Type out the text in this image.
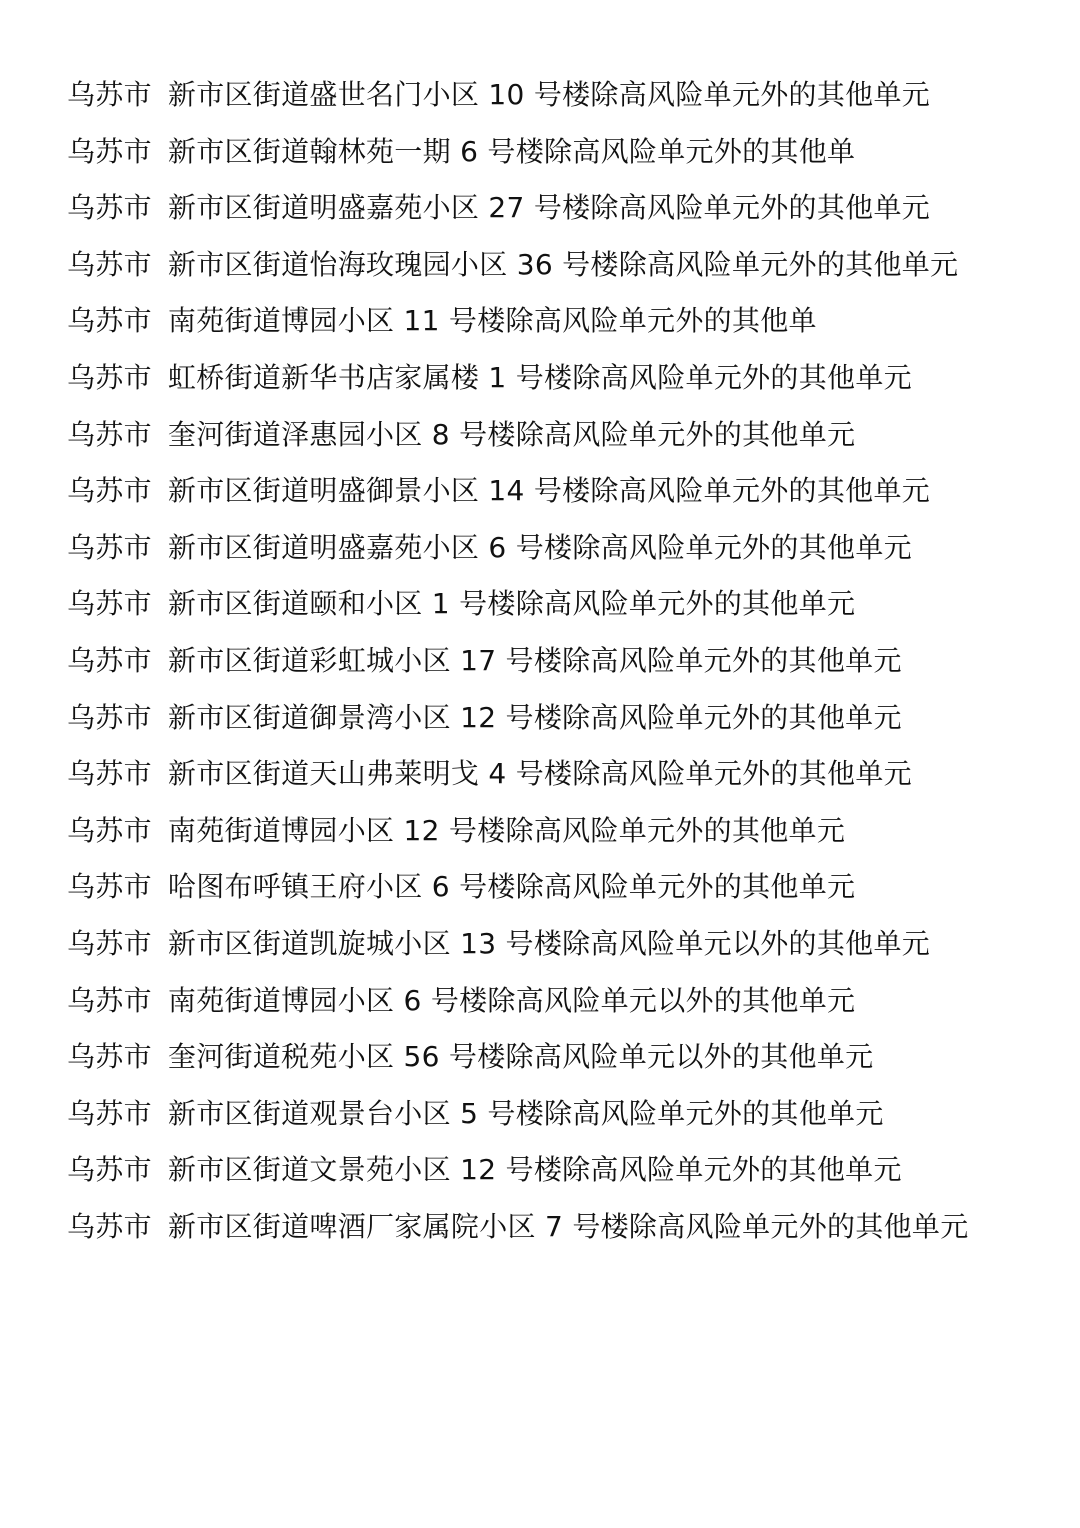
乌苏市 新市区街道盛世名门小区 10 号楼除高风险单元外的其他单元
乌苏市 新市区街道翰林苑一期 6 号楼除高风险单元外的其他单
乌苏市 新市区街道明盛嘉苑小区 27 号楼除高风险单元外的其他单元
乌苏市 新市区街道怡海玫瑰园小区 36 号楼除高风险单元外的其他单元
乌苏市 南苑街道博园小区 11 号楼除高风险单元外的其他单
乌苏市 虹桥街道新华书店家属楼 1 号楼除高风险单元外的其他单元
乌苏市 奎河街道泽惠园小区 8 号楼除高风险单元外的其他单元
乌苏市 新市区街道明盛御景小区 14 号楼除高风险单元外的其他单元
乌苏市 新市区街道明盛嘉苑小区 6 号楼除高风险单元外的其他单元
乌苏市 新市区街道颐和小区 1 号楼除高风险单元外的其他单元
乌苏市 新市区街道彩虹城小区 17 号楼除高风险单元外的其他单元
乌苏市 新市区街道御景湾小区 12 号楼除高风险单元外的其他单元
乌苏市 新市区街道天山弗莱明戈 4 号楼除高风险单元外的其他单元
乌苏市 南苑街道博园小区 12 号楼除高风险单元外的其他单元
乌苏市 哈图布呼镇王府小区 6 号楼除高风险单元外的其他单元
乌苏市 新市区街道凯旋城小区 13 号楼除高风险单元以外的其他单元
乌苏市 南苑街道博园小区 6 号楼除高风险单元以外的其他单元
乌苏市 奎河街道税苑小区 56 号楼除高风险单元以外的其他单元
乌苏市 新市区街道观景台小区 5 号楼除高风险单元外的其他单元
乌苏市 新市区街道文景苑小区 12 号楼除高风险单元外的其他单元
乌苏市 新市区街道啤酒厂家属院小区 7 号楼除高风险单元外的其他单元
